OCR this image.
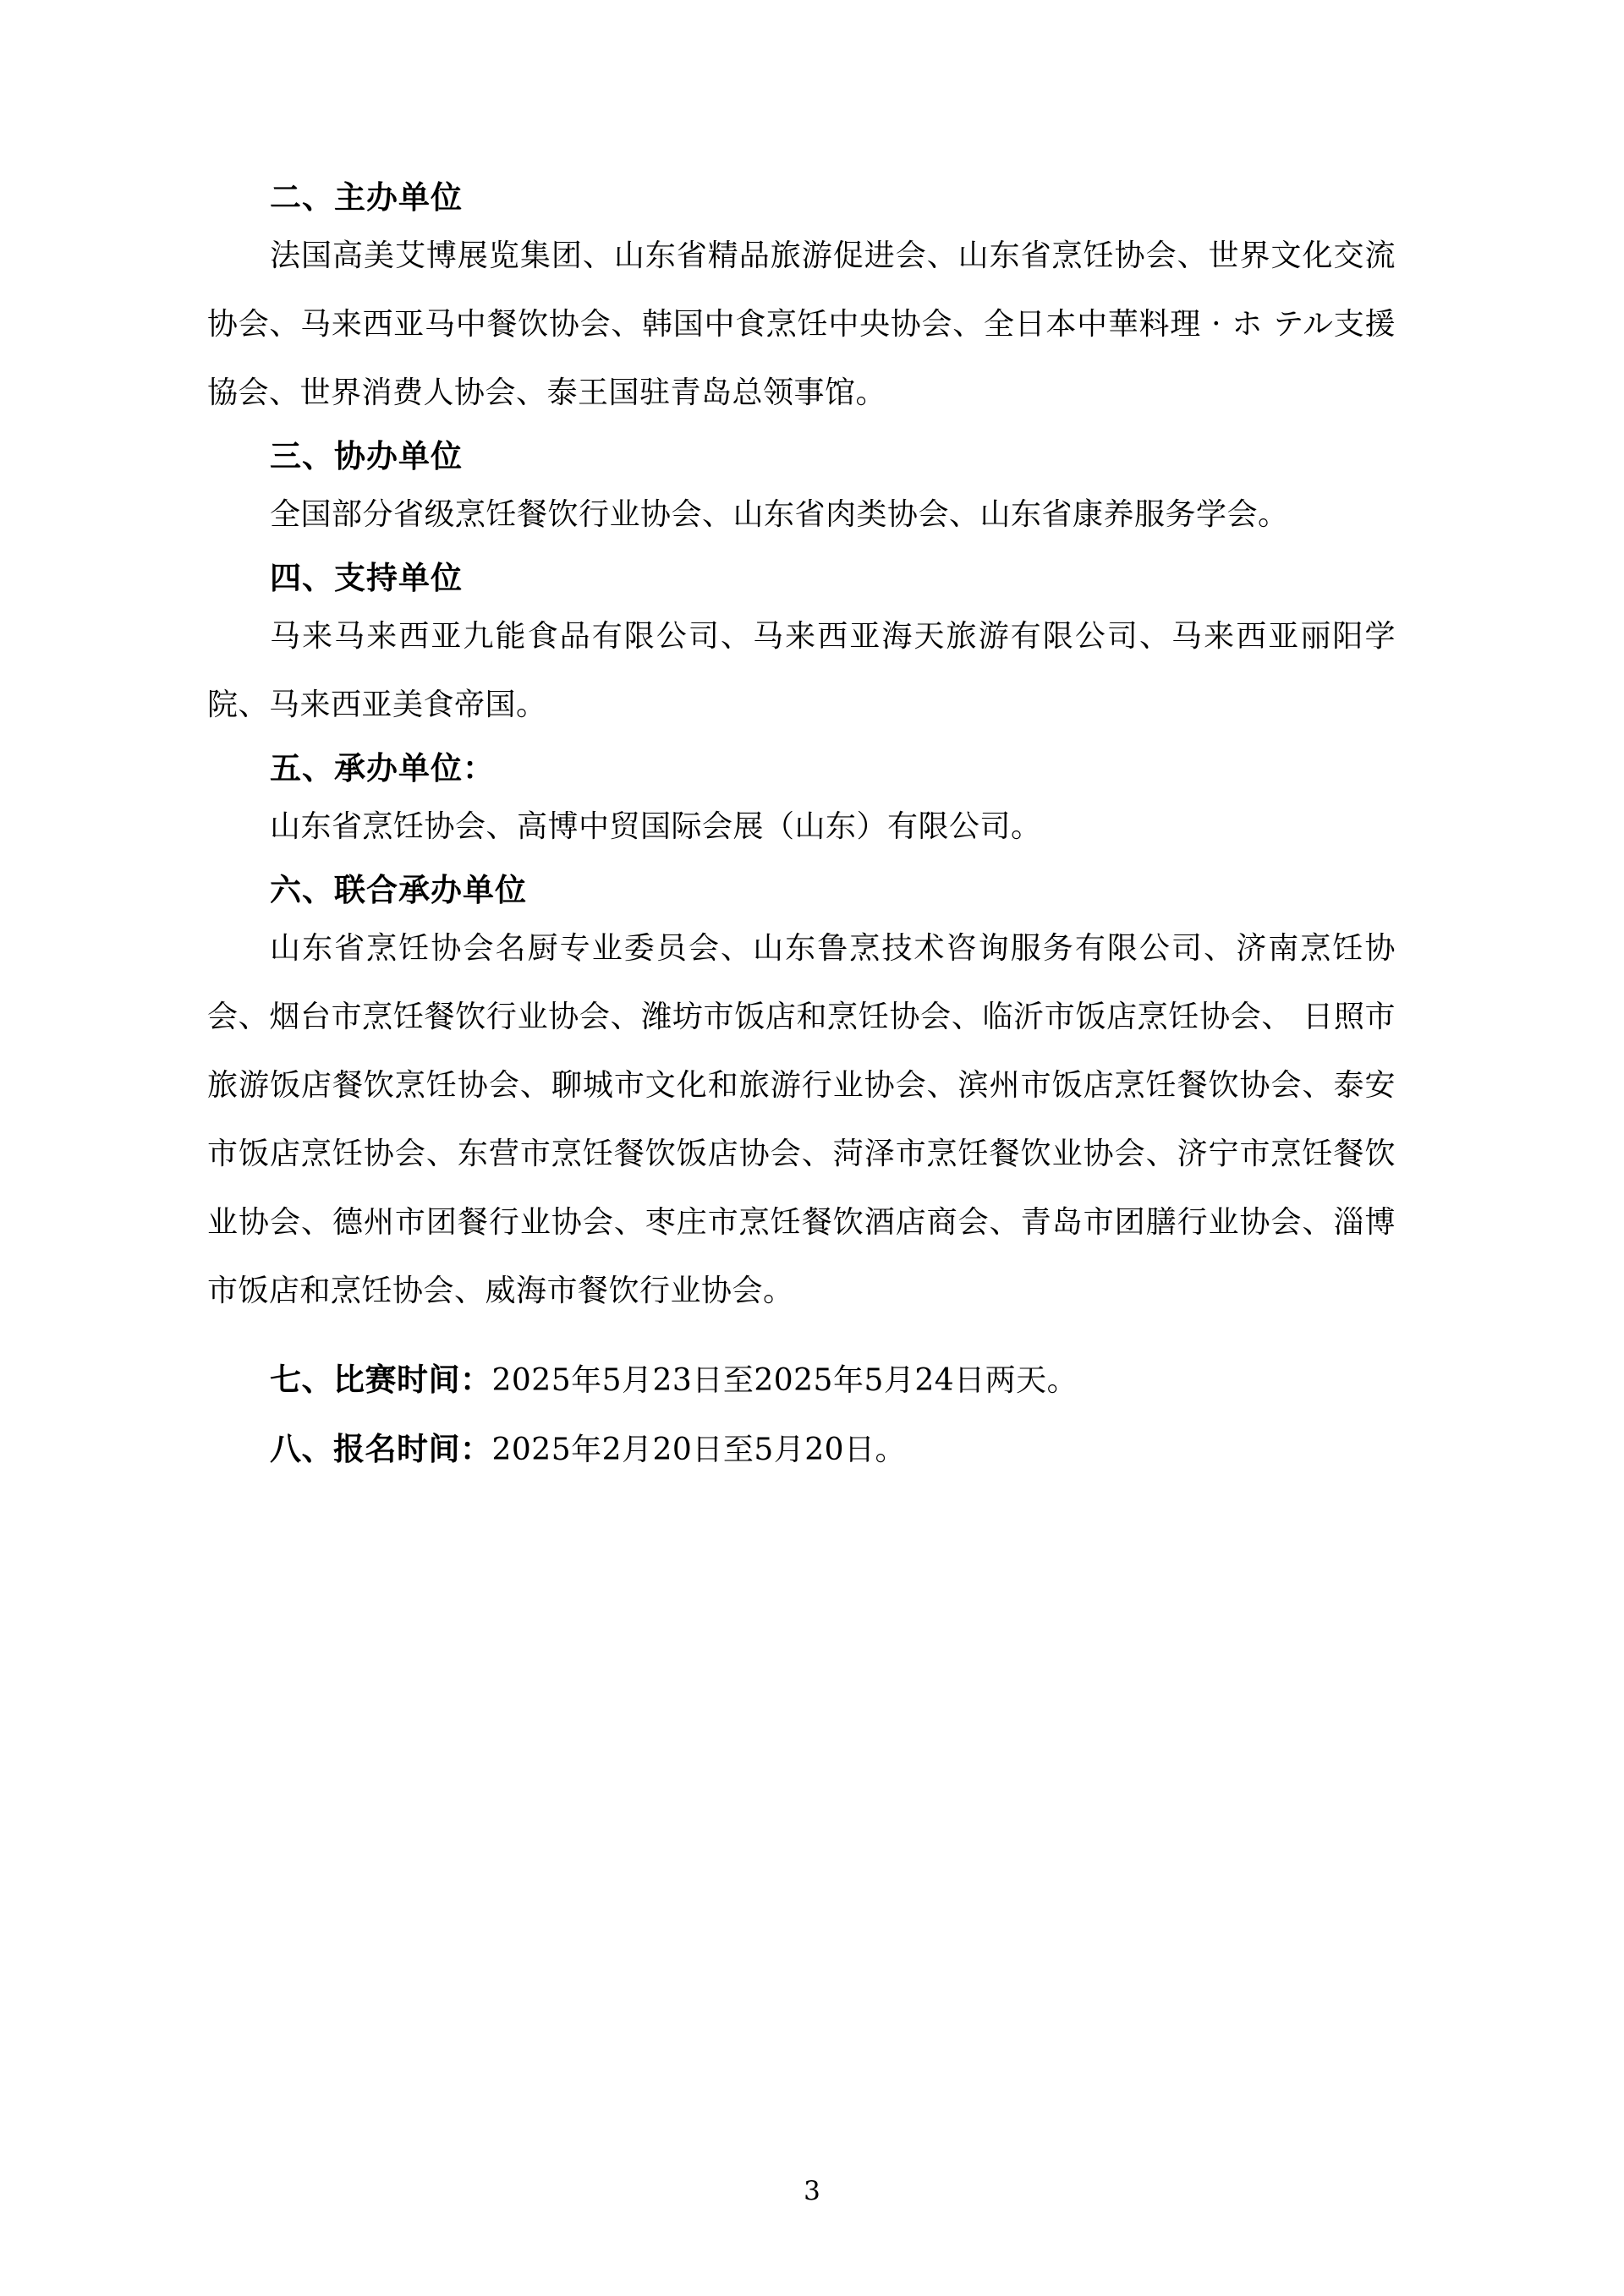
二、主办单位

法国高美艾博展览集团、山东省精品旅游促进会、山东省烹饪协会、世界文化交流协会、马来西亚马中餐饮协会、韩国中食烹饪中央协会、全日本中華料理 · ホ テル支援協会、世界消费人协会、泰王国驻青岛总领事馆。

三、协办单位

全国部分省级烹饪餐饮行业协会、山东省肉类协会、山东省康养服务学会。

四、支持单位

马来马来西亚九能食品有限公司、马来西亚海天旅游有限公司、马来西亚丽阳学院、马来西亚美食帝国。

五、承办单位：

山东省烹饪协会、高博中贸国际会展（山东）有限公司。

六、联合承办单位

山东省烹饪协会名厨专业委员会、山东鲁烹技术咨询服务有限公司、济南烹饪协会、烟台市烹饪餐饮行业协会、潍坊市饭店和烹饪协会、临沂市饭店烹饪协会、 日照市旅游饭店餐饮烹饪协会、聊城市文化和旅游行业协会、滨州市饭店烹饪餐饮协会、泰安市饭店烹饪协会、东营市烹饪餐饮饭店协会、菏泽市烹饪餐饮业协会、济宁市烹饪餐饮业协会、德州市团餐行业协会、枣庄市烹饪餐饮酒店商会、青岛市团膳行业协会、淄博市饭店和烹饪协会、威海市餐饮行业协会。

七、比赛时间：2025年5月23日至2025年5月24日两天。

八、报名时间：2025年2月20日至5月20日。

3
